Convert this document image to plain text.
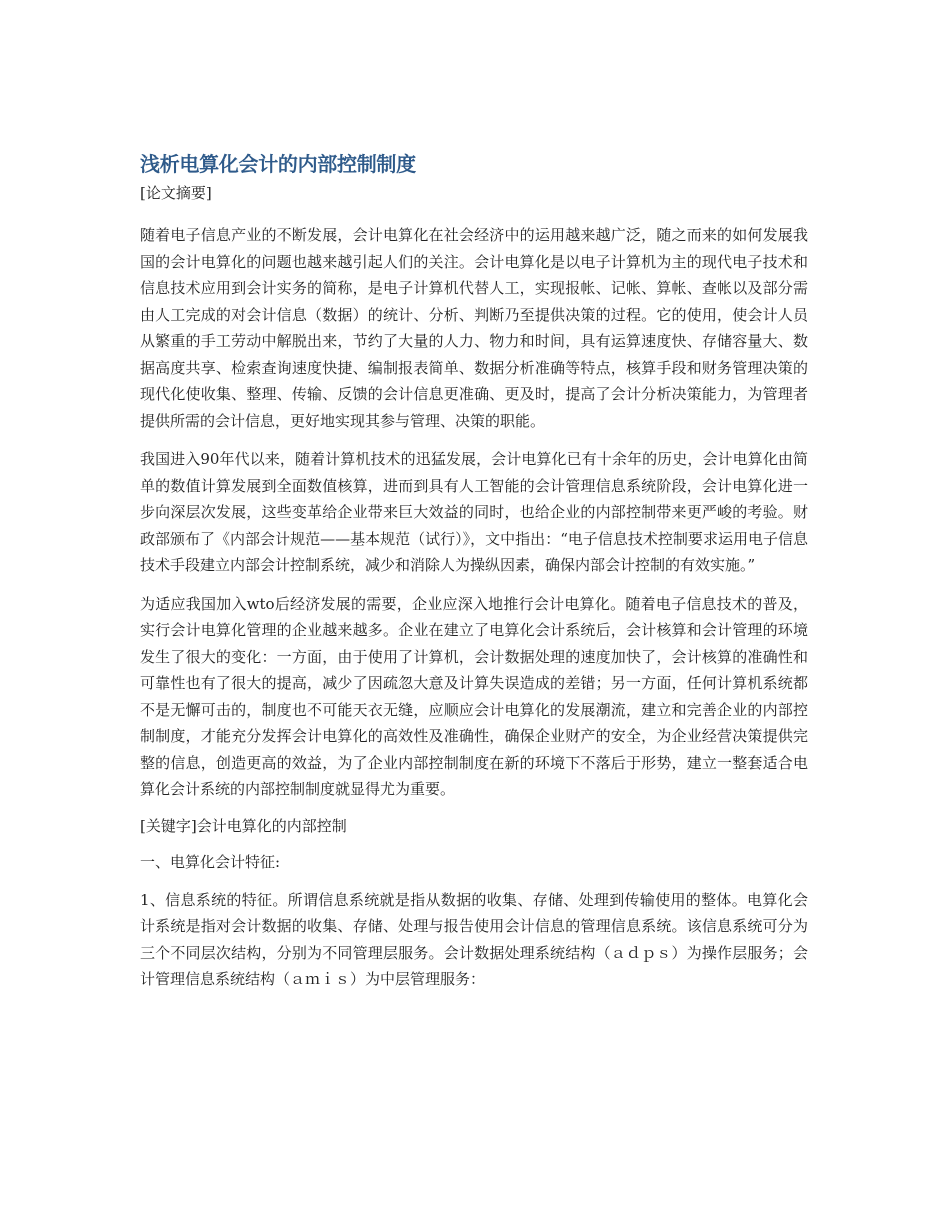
浅析电算化会计的内部控制制度
[论文摘要]

随着电子信息产业的不断发展，会计电算化在社会经济中的运用越来越广泛，随之而来的如何发展我国的会计电算化的问题也越来越引起人们的关注。会计电算化是以电子计算机为主的现代电子技术和信息技术应用到会计实务的简称，是电子计算机代替人工，实现报帐、记帐、算帐、查帐以及部分需由人工完成的对会计信息（数据）的统计、分析、判断乃至提供决策的过程。它的使用，使会计人员从繁重的手工劳动中解脱出来，节约了大量的人力、物力和时间，具有运算速度快、存储容量大、数据高度共享、检索查询速度快捷、编制报表简单、数据分析准确等特点，核算手段和财务管理决策的现代化使收集、整理、传输、反馈的会计信息更准确、更及时，提高了会计分析决策能力，为管理者提供所需的会计信息，更好地实现其参与管理、决策的职能。

我国进入90年代以来，随着计算机技术的迅猛发展，会计电算化已有十余年的历史，会计电算化由简单的数值计算发展到全面数值核算，进而到具有人工智能的会计管理信息系统阶段，会计电算化进一步向深层次发展，这些变革给企业带来巨大效益的同时，也给企业的内部控制带来更严峻的考验。财政部颁布了《内部会计规范——基本规范（试行）》，文中指出：“电子信息技术控制要求运用电子信息技术手段建立内部会计控制系统，减少和消除人为操纵因素，确保内部会计控制的有效实施。”

为适应我国加入wto后经济发展的需要，企业应深入地推行会计电算化。随着电子信息技术的普及，实行会计电算化管理的企业越来越多。企业在建立了电算化会计系统后，会计核算和会计管理的环境发生了很大的变化：一方面，由于使用了计算机，会计数据处理的速度加快了，会计核算的准确性和可靠性也有了很大的提高，减少了因疏忽大意及计算失误造成的差错；另一方面，任何计算机系统都不是无懈可击的，制度也不可能天衣无缝，应顺应会计电算化的发展潮流，建立和完善企业的内部控制制度，才能充分发挥会计电算化的高效性及准确性，确保企业财产的安全，为企业经营决策提供完整的信息，创造更高的效益，为了企业内部控制制度在新的环境下不落后于形势，建立一整套适合电算化会计系统的内部控制制度就显得尤为重要。

[关键字]会计电算化的内部控制
一、电算化会计特征:

1、信息系统的特征。所谓信息系统就是指从数据的收集、存储、处理到传输使用的整体。电算化会计系统是指对会计数据的收集、存储、处理与报告使用会计信息的管理信息系统。该信息系统可分为三个不同层次结构，分别为不同管理层服务。会计数据处理系统结构（ａｄｐｓ）为操作层服务；会计管理信息系统结构（ａｍｉｓ）为中层管理服务：
